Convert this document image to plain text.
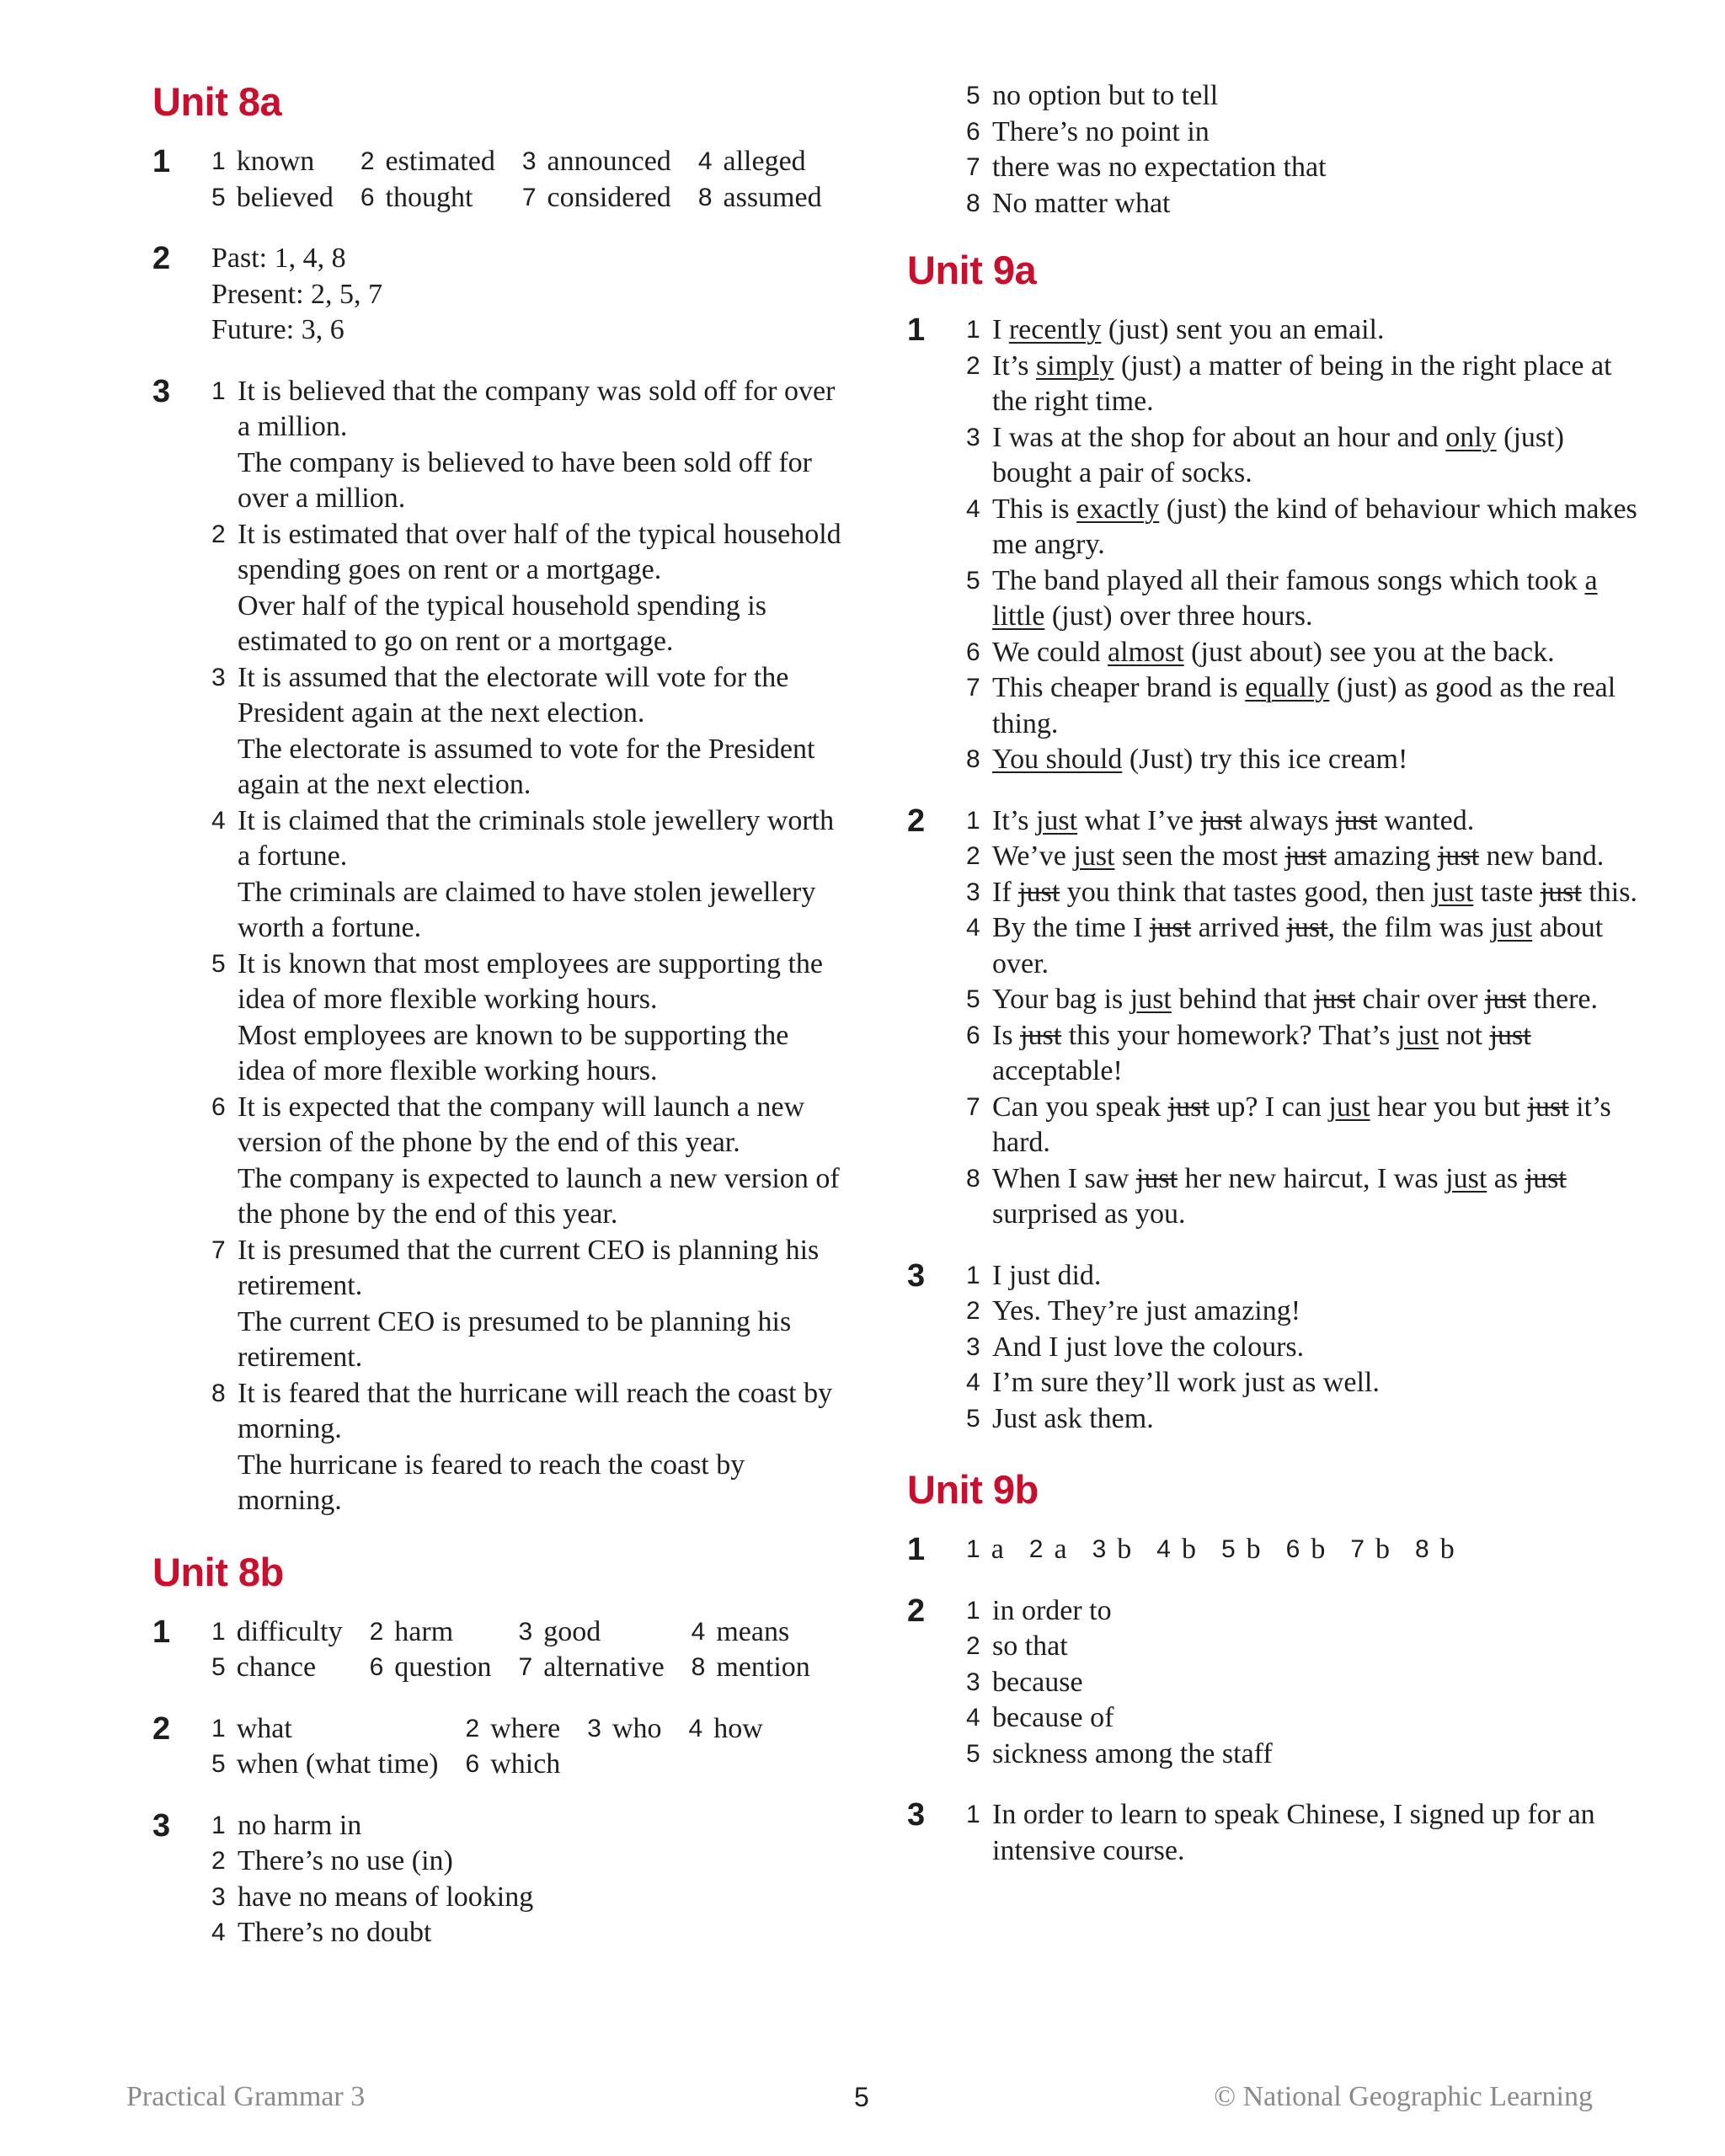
Unit 8a
1	1 known 2 estimated 3 announced 4 alleged
5 believed 6 thought 7 considered 8 assumed
2	Past: 1, 4, 8
Present: 2, 5, 7
Future: 3, 6
3	1 It is believed that the company was sold off for over a million.
The company is believed to have been sold off for over a million.
2 It is estimated that over half of the typical household spending goes on rent or a mortgage.
Over half of the typical household spending is estimated to go on rent or a mortgage.
3 It is assumed that the electorate will vote for the President again at the next election.
The electorate is assumed to vote for the President again at the next election.
4 It is claimed that the criminals stole jewellery worth a fortune.
The criminals are claimed to have stolen jewellery worth a fortune.
5 It is known that most employees are supporting the idea of more flexible working hours.
Most employees are known to be supporting the idea of more flexible working hours.
6 It is expected that the company will launch a new version of the phone by the end of this year.
The company is expected to launch a new version of the phone by the end of this year.
7 It is presumed that the current CEO is planning his retirement.
The current CEO is presumed to be planning his retirement.
8 It is feared that the hurricane will reach the coast by morning.
The hurricane is feared to reach the coast by morning.
Unit 8b
1	1 difficulty 2 harm	3 good	4 means
5 chance 6 question 7 alternative 8 mention
2	1 what	2 where 3 who 4 how
5 when (what time) 6 which
3	1 no harm in
2 There’s no use (in)
3 have no means of looking
4 There’s no doubt
5 no option but to tell
6 There’s no point in
7 there was no expectation that
8 No matter what
Unit 9a
1	1 I recently (just) sent you an email.
2 It’s simply (just) a matter of being in the right place at the right time.
3 I was at the shop for about an hour and only (just) bought a pair of socks.
4 This is exactly (just) the kind of behaviour which makes me angry.
5 The band played all their famous songs which took a little (just) over three hours.
6 We could almost (just about) see you at the back.
7 This cheaper brand is equally (just) as good as the real thing.
8 You should (Just) try this ice cream!
2	1 It’s just what I’ve just always just wanted.
2 We’ve just seen the most just amazing just new band.
3 If just you think that tastes good, then just taste just this.
4 By the time I just arrived just, the film was just about over.
5 Your bag is just behind that just chair over just there.
6 Is just this your homework? That’s just not just acceptable!
7 Can you speak just up? I can just hear you but just it’s hard.
8 When I saw just her new haircut, I was just as just surprised as you.
3	1 I just did.
2 Yes. They’re just amazing!
3 And I just love the colours.
4 I’m sure they’ll work just as well.
5 Just ask them.
Unit 9b
1	1 a 2 a 3 b 4 b 5 b 6 b 7 b 8 b
2	1 in order to
2 so that
3 because
4 because of
5 sickness among the staff
3	1 In order to learn to speak Chinese, I signed up for an intensive course.
Practical Grammar 3	5	© National Geographic Learning
